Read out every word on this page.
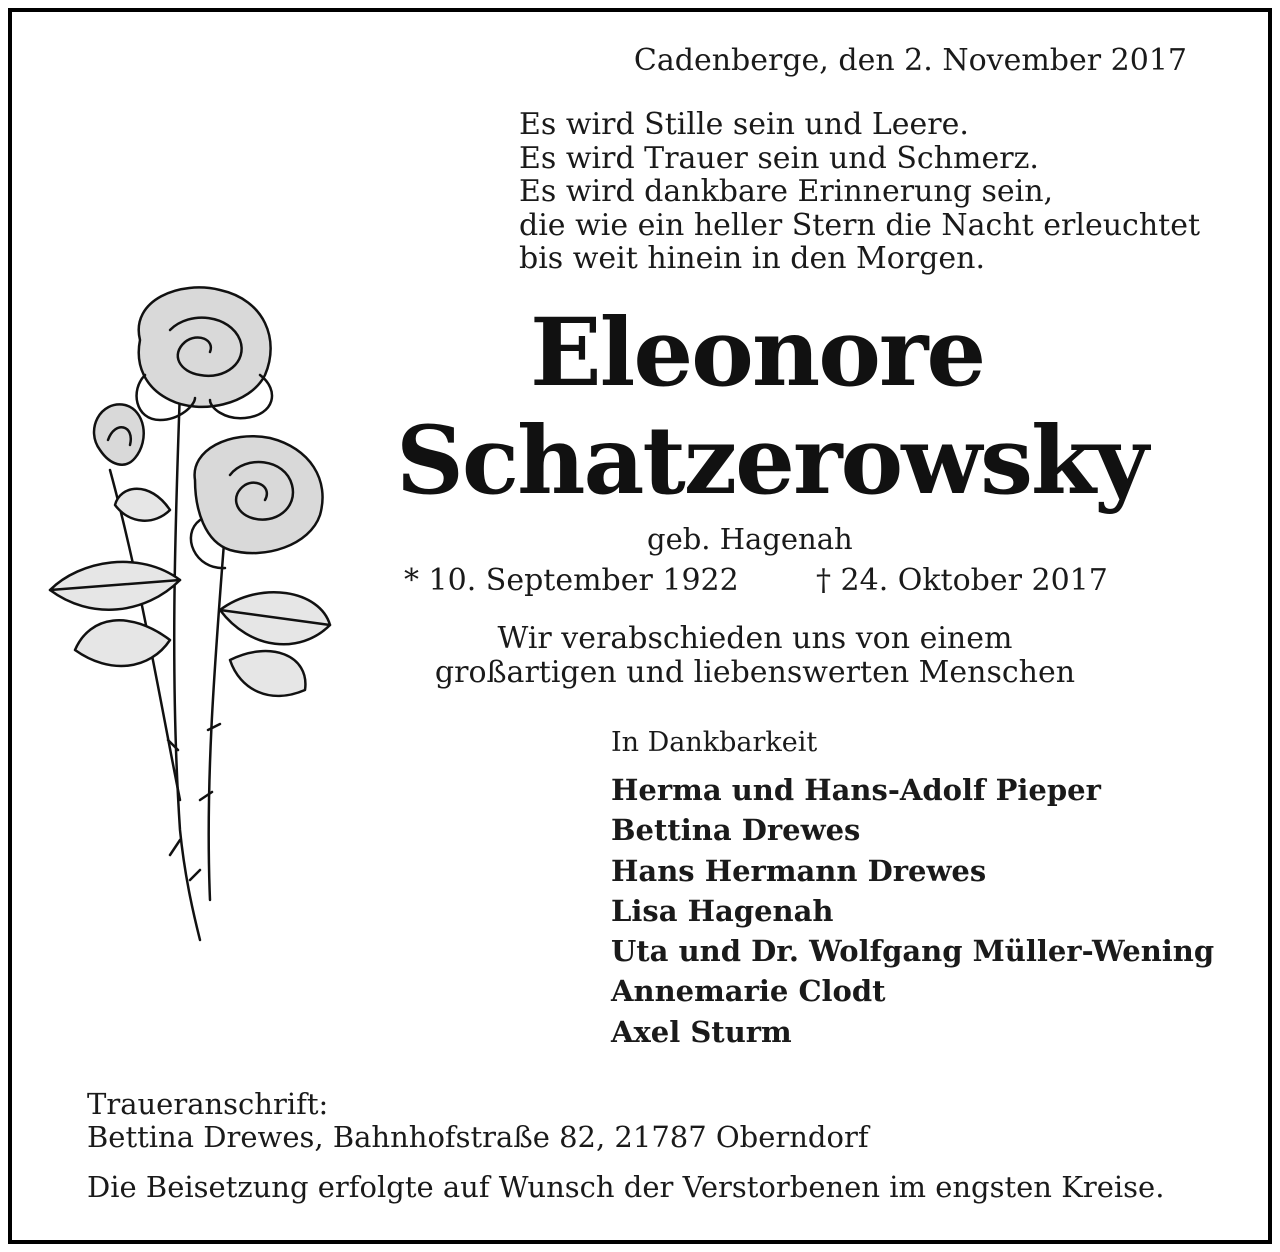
Cadenberge, den 2. November 2017
Es wird Stille sein und Leere.
Es wird Trauer sein und Schmerz.
Es wird dankbare Erinnerung sein,
die wie ein heller Stern die Nacht erleuchtet
bis weit hinein in den Morgen.
Eleonore
Schatzerowsky
geb. Hagenah
* 10. September 1922	† 24. Oktober 2017
Wir verabschieden uns von einem
großartigen und liebenswerten Menschen
In Dankbarkeit
Herma und Hans-Adolf Pieper
Bettina Drewes
Hans Hermann Drewes
Lisa Hagenah
Uta und Dr. Wolfgang Müller-Wening
Annemarie Clodt
Axel Sturm
Traueranschrift:
Bettina Drewes, Bahnhofstraße 82, 21787 Oberndorf
Die Beisetzung erfolgte auf Wunsch der Verstorbenen im engsten Kreise.
